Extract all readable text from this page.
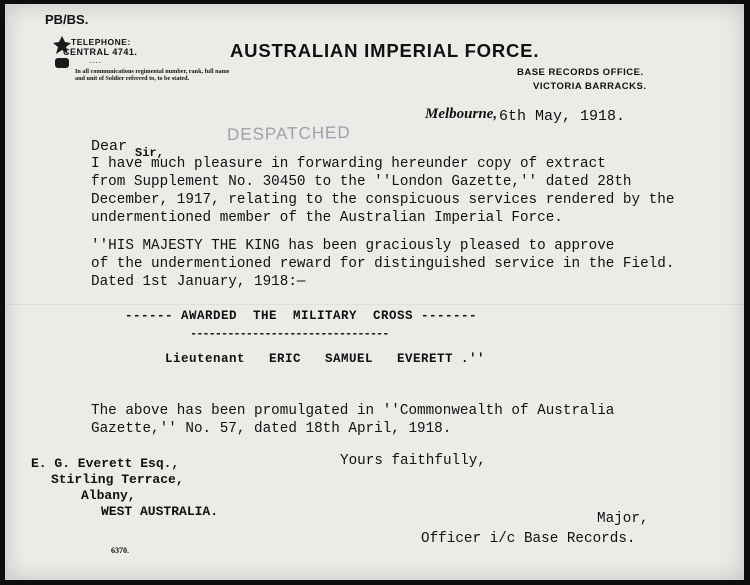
PB/BS.
TELEPHONE:
CENTRAL 4741.
....
In all communications regimental number, rank, full name and unit of Soldier referred to, to be stated.
AUSTRALIAN IMPERIAL FORCE.
BASE RECORDS OFFICE.
VICTORIA BARRACKS.
Melbourne, 6th May, 1918.
DESPATCHED
Dear Sir,
I have much pleasure in forwarding hereunder copy of extract
from Supplement No. 30450 to the ''London Gazette,'' dated 28th
December, 1917, relating to the conspicuous services rendered by the
undermentioned member of the Australian Imperial Force.
''HIS MAJESTY THE KING has been graciously pleased to approve
of the undermentioned reward for distinguished service in the Field.
Dated 1st January, 1918:—
------ AWARDED  THE  MILITARY  CROSS -------
--------------------------------
Lieutenant   ERIC   SAMUEL   EVERETT .''
The above has been promulgated in ''Commonwealth of Australia
Gazette,'' No. 57, dated 18th April, 1918.
Yours faithfully,
E. G. Everett Esq.,
Stirling Terrace,
Albany,
WEST AUSTRALIA.	Major,
Officer i/c Base Records.
6370.
